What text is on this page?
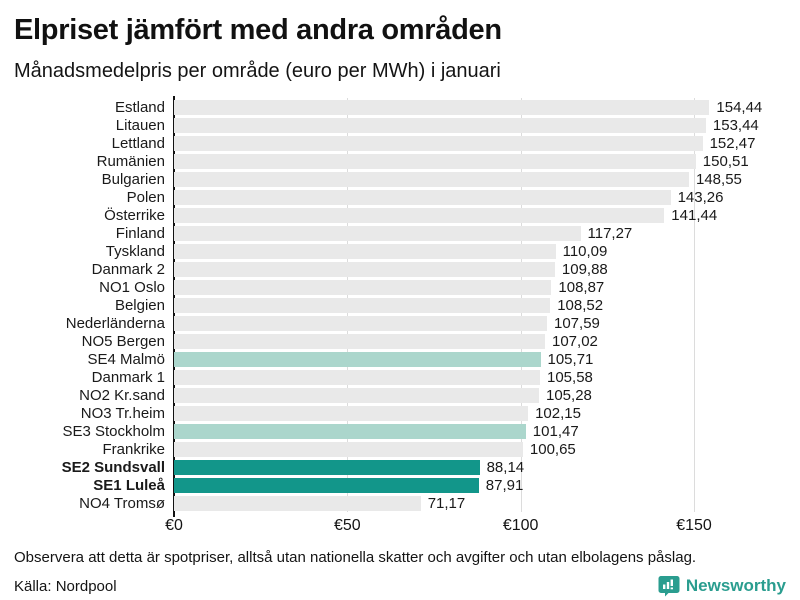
Elpriset jämfört med andra områden
Månadsmedelpris per område (euro per MWh) i januari
Estland	154,44
Litauen	153,44
Lettland	152,47
Rumänien	150,51
Bulgarien	148,55
Polen	143,26
Österrike	141,44
Finland	117,27
Tyskland	110,09
Danmark 2	109,88
NO1 Oslo	108,87
Belgien	108,52
Nederländerna	107,59
NO5 Bergen	107,02
SE4 Malmö	105,71
Danmark 1	105,58
NO2 Kr.sand	105,28
NO3 Tr.heim	102,15
SE3 Stockholm	101,47
Frankrike	100,65
SE2 Sundsvall	88,14
SE1 Luleå	87,91
NO4 Tromsø	71,17
€0	€50	€100	€150
Observera att detta är spotpriser, alltså utan nationella skatter och avgifter och utan elbolagens påslag.
Källa: Nordpool	Newsworthy
